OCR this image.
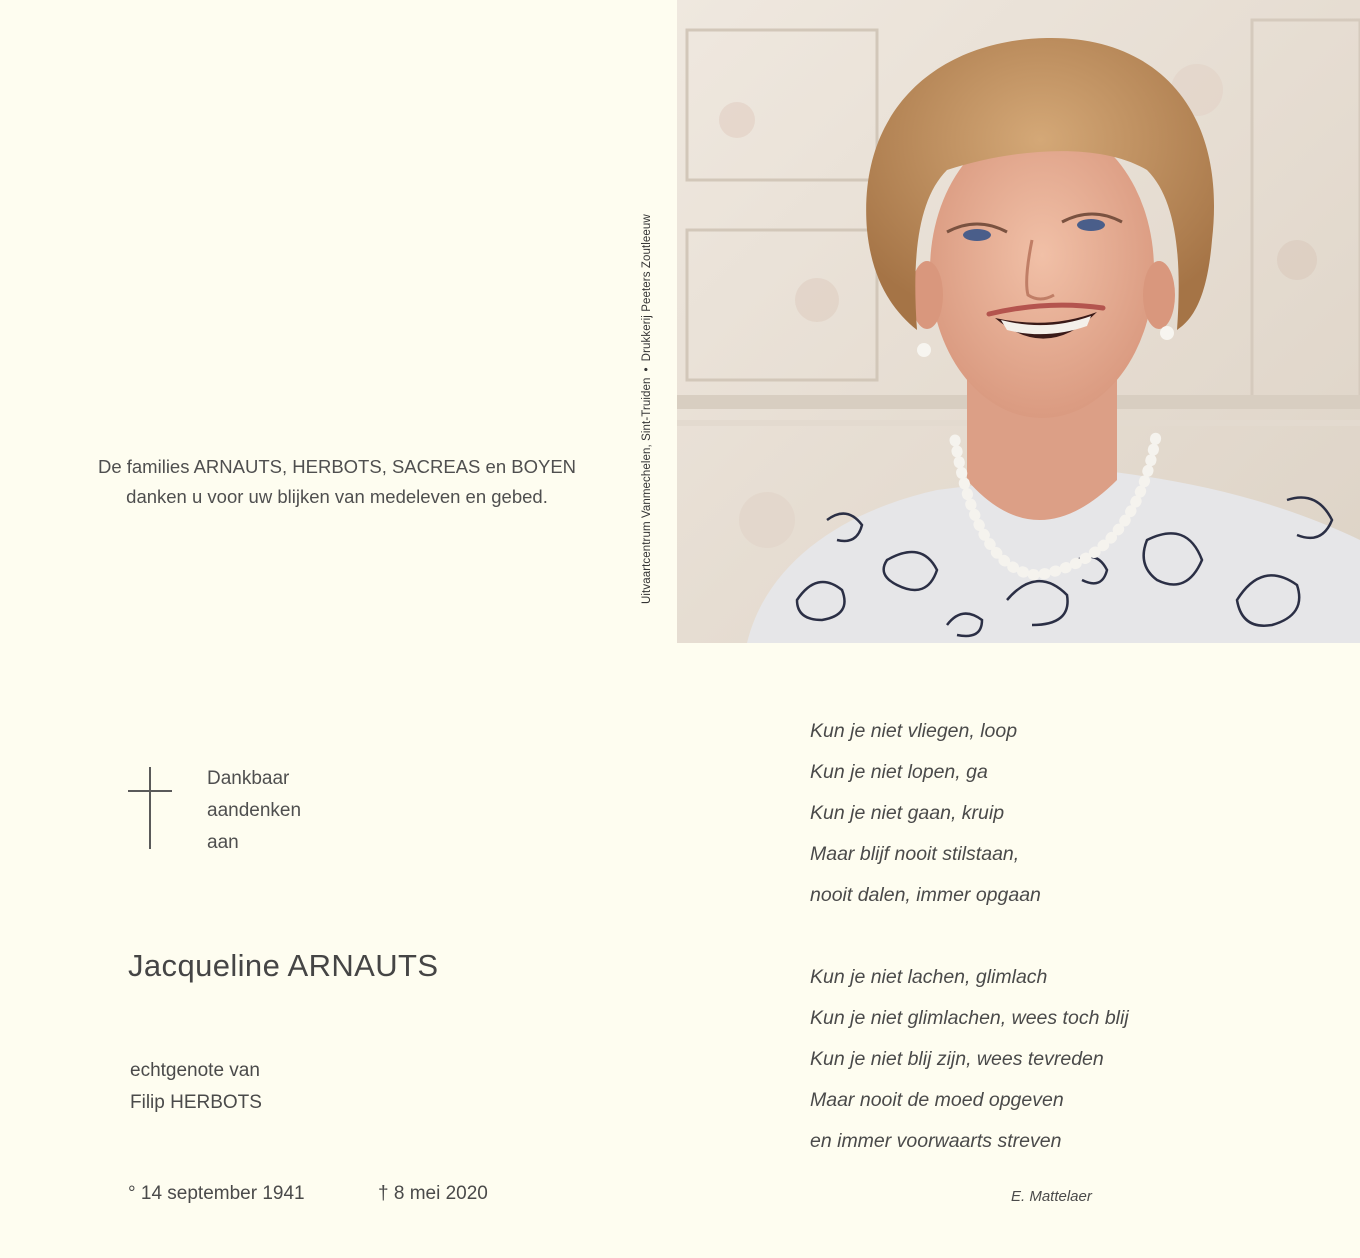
De families ARNAUTS, HERBOTS, SACREAS en BOYEN
danken u voor uw blijken van medeleven en gebed.	Uitvaartcentrum Vanmechelen, Sint-Truiden•Drukkerij Peeters Zoutleeuw
Dankbaar
aandenken
aan
Jacqueline ARNAUTS
echtgenote van
Filip HERBOTS
° 14 september 1941	† 8 mei 2020
Kun je niet vliegen, loop
Kun je niet lopen, ga
Kun je niet gaan, kruip
Maar blijf nooit stilstaan,
nooit dalen, immer opgaan
Kun je niet lachen, glimlach
Kun je niet glimlachen, wees toch blij
Kun je niet blij zijn, wees tevreden
Maar nooit de moed opgeven
en immer voorwaarts streven
E. Mattelaer
